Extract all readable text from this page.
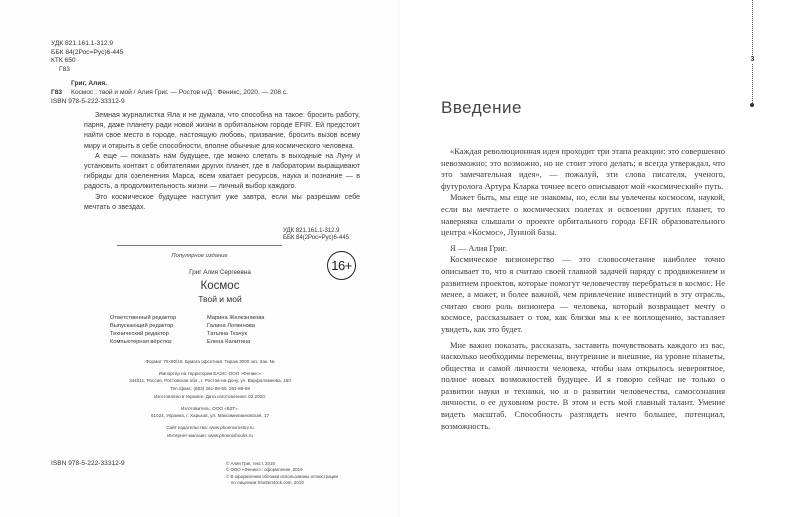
УДК 821.161.1-312.9
ББК 84(2Рос=Рус)6-445
КТК 650
Г83
Григ, Алия.
Г83 Космос : твой и мой / Алия Григ. — Ростов н/Д : Феникс, 2020. — 208 с.
ISBN 978-5-222-33312-9

Земная журналистка Яла и не думала, что способна на такое: бросить работу, парня, даже планету ради новой жизни в орбитальном городе EFIR. Ей предстоит найти свое место в городе, настоящую любовь, призвание, бросить вызов всему миру и открыть в себе способности, вполне обычные для космического человека.

А еще — показать нам будущее, где можно слетать в выходные на Луну и установить контакт с обитателями других планет, где в лаборатории выращивают гибриды для озеленения Марса, всем хватает ресурсов, наука и познание — в радость, а продолжительность жизни — личный выбор каждого.

Это космическое будущее наступит уже завтра, если мы разрешим себе мечтать о звездах.

УДК 821.161.1-312.9
ББК 84(2Рос=Рус)6-445
Популярное издание
16+
Григ Алия Сергеевна
Космос
Твой и мой
Ответственный редактор	Марина Железнякова
Выпускающий редактор	Галина Логвинова
Технический редактор	Татьяна Ткачук
Компьютерная вёрстка:	Елена Калитина
Формат 70×90/16. Бумага офсетная. Тираж 3000 экз. Зак. №
Импортер на территории ЕАЭС: ООО «Феникс»
344011, Россия, Ростовская обл., г. Ростов-на-Дону, ул. Варфоломеева, 150
Тел./факс: (863) 261-89-50, 261-89-59
Изготовлено в Украине. Дата изготовления: 02.2020.
Изготовитель: ООО «БЗТ».
61024, Украина, г. Харьков, ул. Максимилиановская, 17
Сайт издательства: www.phoenixrostov.ru
Интернет-магазин: www.phoenixbooks.ru
ISBN 978-5-222-33312-9	© Алия Григ, текст, 2019
© ООО «Феникс»: оформление, 2019
© В оформлении обложки использованы иллюстрации
по лицензии Shutterstock.com, 2019
3
Введение

«Каждая революционная идея проходит три этапа реакции: это совершенно невозможно; это возможно, но не стоит этого делать; я всегда утверждал, что это замечательная идея», — пожалуй, эти слова писателя, ученого, футуролога Артура Кларка точнее всего описывают мой «космический» путь.

Может быть, мы еще не знакомы, но, если вы увлечены космосом, наукой, если вы мечтаете о космических полетах и освоении других планет, то наверняка слышали о проекте орбитального города EFIR образовательного центра «Космос», Лунной базы.

Я — Алия Григ.

Космическое визионерство — это словосочетание наиболее точно описывает то, что я считаю своей главной задачей наряду с продвижением и развитием проектов, которые помогут человечеству перебраться в космос. Не менее, а может, и более важной, чем привлечение инвестиций в эту отрасль, считаю свою роль визионера — человека, который возвращает мечту о космосе, рассказывает о том, как близки мы к ее воплощению, заставляет увидеть, как это будет.

Мне важно показать, рассказать, заставить почувствовать каждого из вас, насколько необходимы перемены, внутренние и внешние, на уровне планеты, общества и самой личности человека, чтобы нам открылось невероятное, полное новых возможностей будущее. И я говорю сейчас не только о развитии науки и техники, но и о развитии человечества, самосознания личности, о ее духовном росте. В этом и есть мой главный талант. Умение видеть масштаб. Способность разглядеть нечто большее, потенциал, возможность.
